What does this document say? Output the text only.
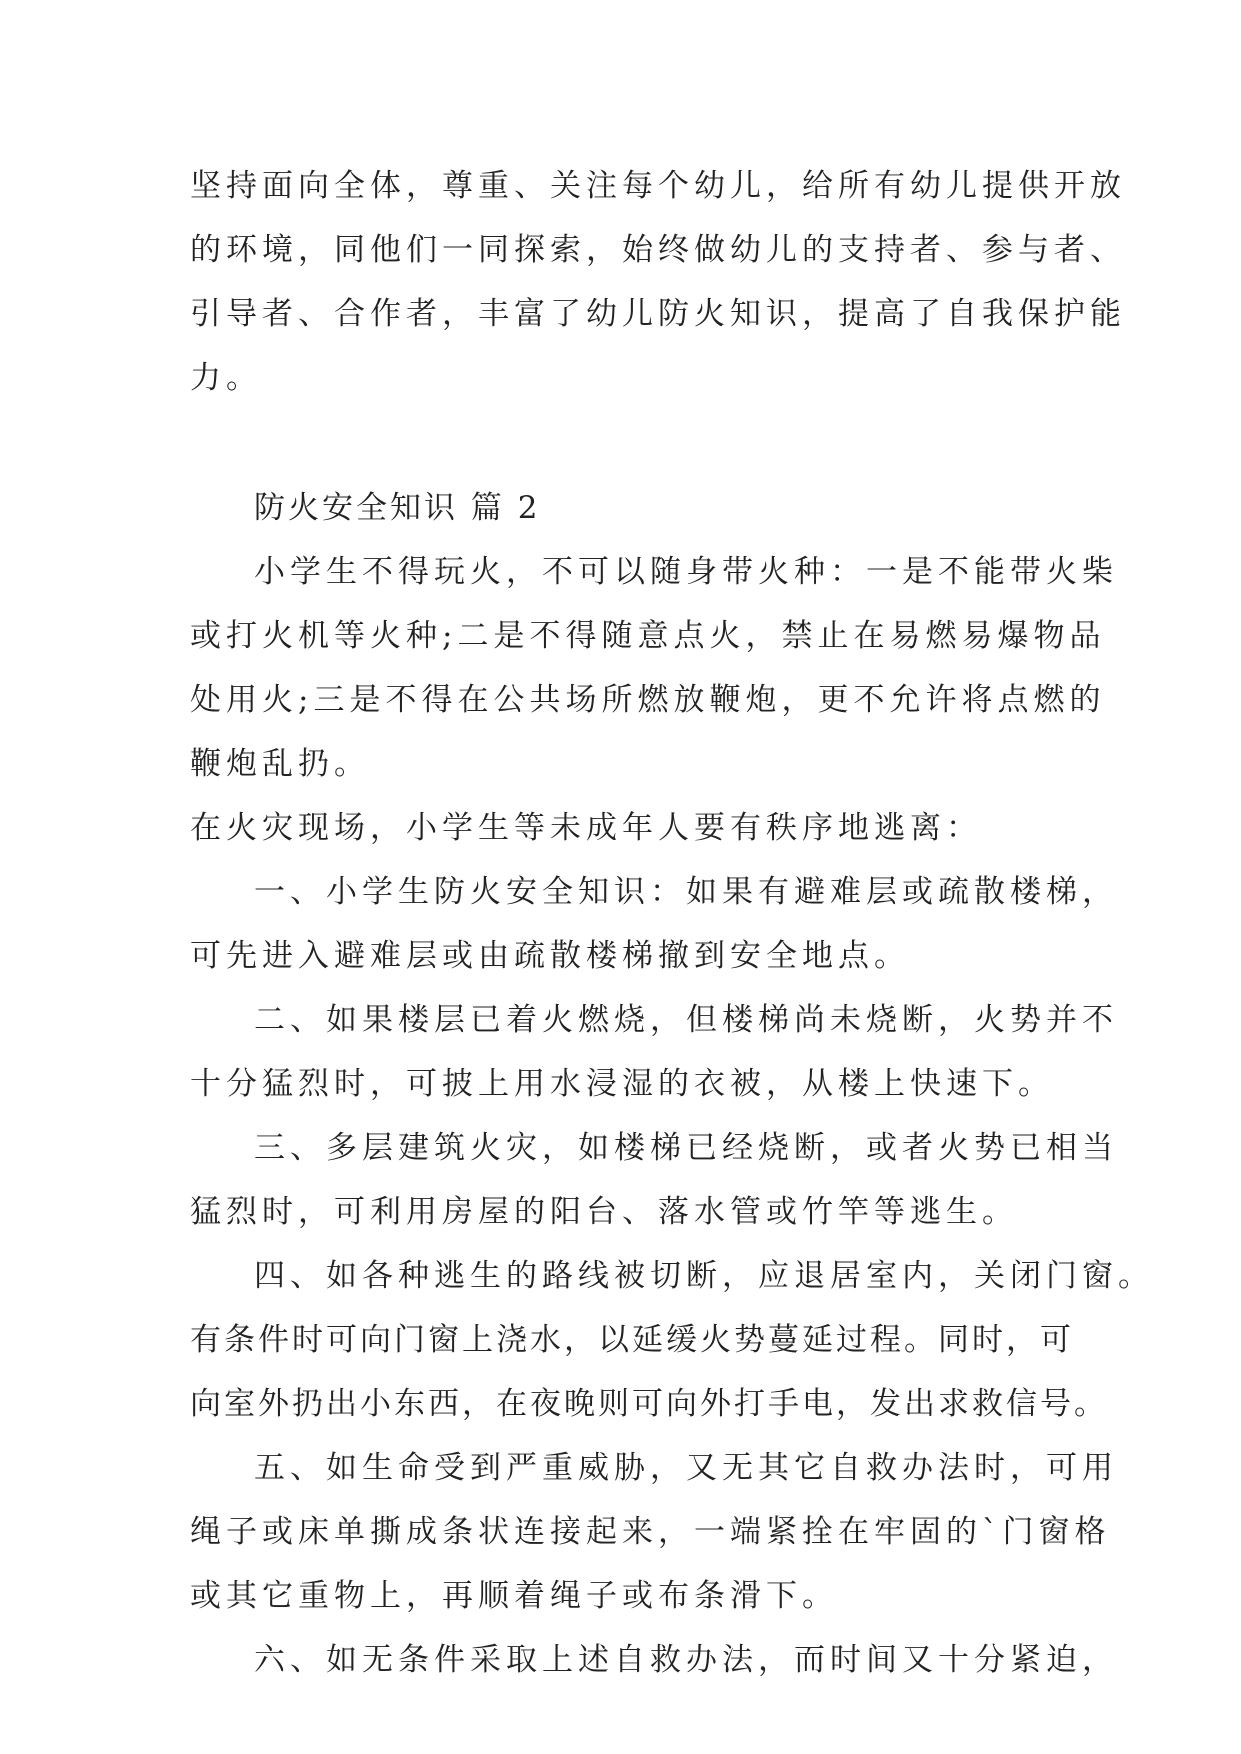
坚持面向全体，尊重、关注每个幼儿，给所有幼儿提供开放
的环境，同他们一同探索，始终做幼儿的支持者、参与者、
引导者、合作者，丰富了幼儿防火知识，提高了自我保护能
力。
防火安全知识 篇 2
小学生不得玩火，不可以随身带火种：一是不能带火柴
或打火机等火种;二是不得随意点火，禁止在易燃易爆物品
处用火;三是不得在公共场所燃放鞭炮，更不允许将点燃的
鞭炮乱扔。
在火灾现场，小学生等未成年人要有秩序地逃离：
一、小学生防火安全知识：如果有避难层或疏散楼梯，
可先进入避难层或由疏散楼梯撤到安全地点。
二、如果楼层已着火燃烧，但楼梯尚未烧断，火势并不
十分猛烈时，可披上用水浸湿的衣被，从楼上快速下。
三、多层建筑火灾，如楼梯已经烧断，或者火势已相当
猛烈时，可利用房屋的阳台、落水管或竹竿等逃生。
四、如各种逃生的路线被切断，应退居室内，关闭门窗。
有条件时可向门窗上浇水，以延缓火势蔓延过程。同时，可
向室外扔出小东西，在夜晚则可向外打手电，发出求救信号。
五、如生命受到严重威胁，又无其它自救办法时，可用
绳子或床单撕成条状连接起来，一端紧拴在牢固的`门窗格
或其它重物上，再顺着绳子或布条滑下。
六、如无条件采取上述自救办法，而时间又十分紧迫，
